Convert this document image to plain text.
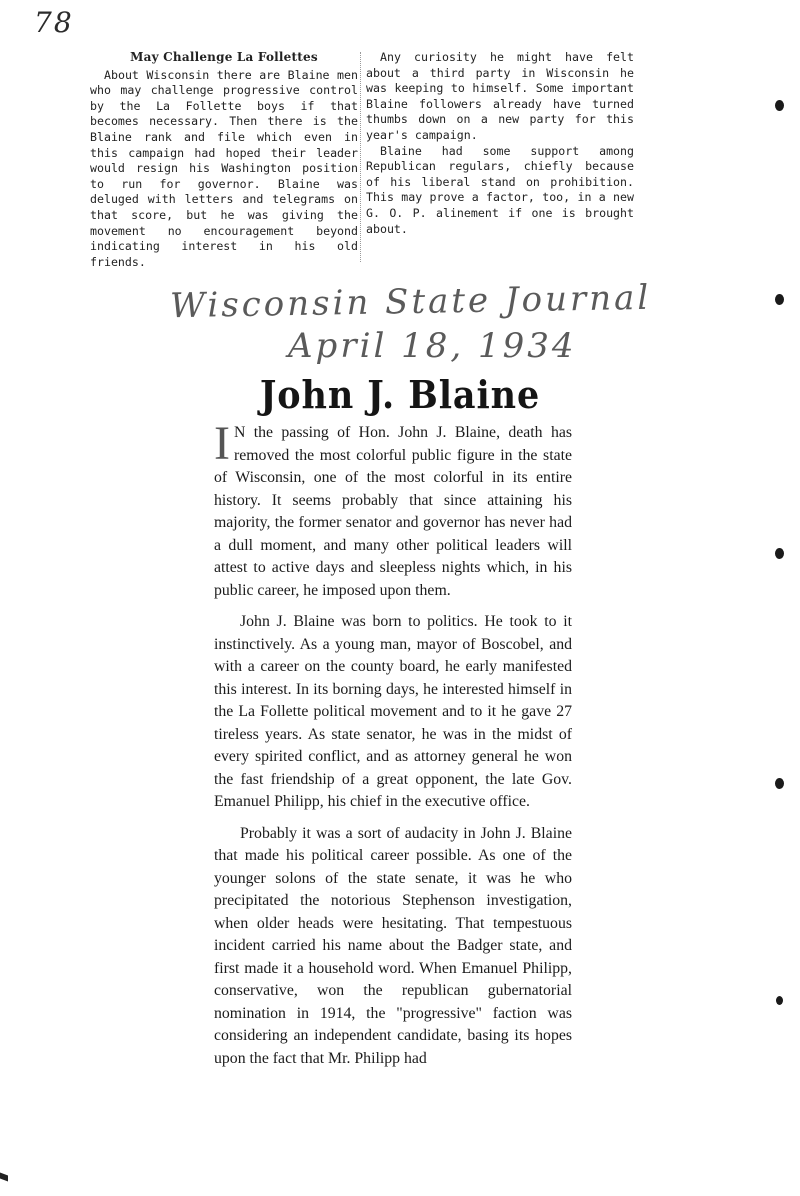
78
May Challenge La Follettes

About Wisconsin there are Blaine men who may challenge progressive control by the La Follette boys if that becomes necessary. Then there is the Blaine rank and file which even in this campaign had hoped their leader would resign his Washington position to run for governor. Blaine was deluged with letters and telegrams on that score, but he was giving the movement no encouragement beyond indicating interest in his old friends.

Any curiosity he might have felt about a third party in Wisconsin he was keeping to himself. Some important Blaine followers already have turned thumbs down on a new party for this year's campaign.

Blaine had some support among Republican regulars, chiefly because of his liberal stand on prohibition. This may prove a factor, too, in a new G. O. P. alinement if one is brought about.

Wisconsin State Journal
April 18, 1934
John J. Blaine

I N the passing of Hon. John J. Blaine, death has removed the most colorful public figure in the state of Wisconsin, one of the most colorful in its entire history. It seems probably that since attaining his majority, the former senator and governor has never had a dull moment, and many other political leaders will attest to active days and sleepless nights which, in his public career, he imposed upon them.

John J. Blaine was born to politics. He took to it instinctively. As a young man, mayor of Boscobel, and with a career on the county board, he early manifested this interest. In its borning days, he interested himself in the La Follette political movement and to it he gave 27 tireless years. As state senator, he was in the midst of every spirited conflict, and as attorney general he won the fast friendship of a great opponent, the late Gov. Emanuel Philipp, his chief in the executive office.

Probably it was a sort of audacity in John J. Blaine that made his political career possible. As one of the younger solons of the state senate, it was he who precipitated the notorious Stephenson investigation, when older heads were hesitating. That tempestuous incident carried his name about the Badger state, and first made it a household word. When Emanuel Philipp, conservative, won the republican gubernatorial nomination in 1914, the "progressive" faction was considering an independent candidate, basing its hopes upon the fact that Mr. Philipp had
